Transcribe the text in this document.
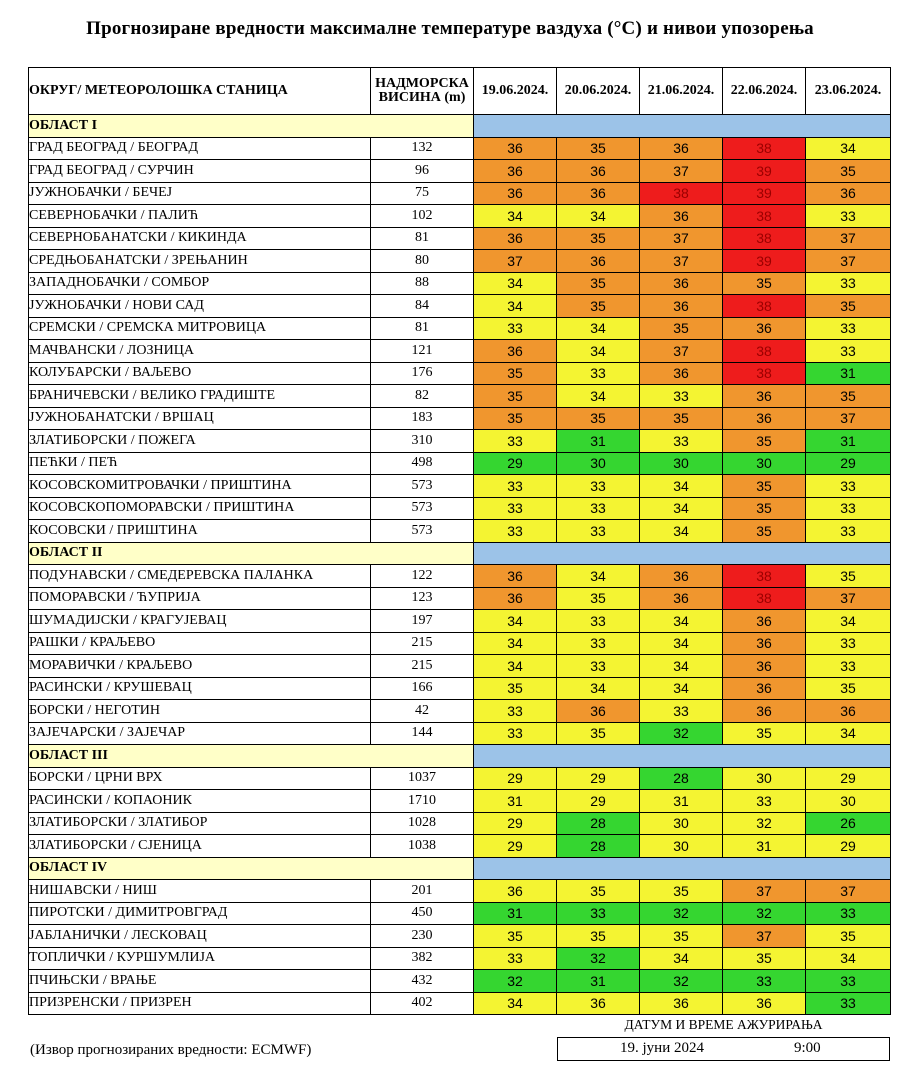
Прогнозиране вредности максималне температуре ваздуха (°C) и нивои упозорења
ОКРУГ/ МЕТЕОРОЛОШКА СТАНИЦА	НАДМОРСКА
ВИСИНА (m)	19.06.2024.	20.06.2024.	21.06.2024.	22.06.2024.	23.06.2024.
ОБЛАСТ I						
ГРАД БЕОГРАД / БЕОГРАД	132	36	35	36	38	34
ГРАД БЕОГРАД / СУРЧИН	96	36	36	37	39	35
ЈУЖНОБАЧКИ / БЕЧЕЈ	75	36	36	38	39	36
СЕВЕРНОБАЧКИ / ПАЛИЋ	102	34	34	36	38	33
СЕВЕРНОБАНАТСКИ / КИКИНДА	81	36	35	37	38	37
СРЕДЊОБАНАТСКИ / ЗРЕЊАНИН	80	37	36	37	39	37
ЗАПАДНОБАЧКИ / СОМБОР	88	34	35	36	35	33
ЈУЖНОБАЧКИ / НОВИ САД	84	34	35	36	38	35
СРЕМСКИ / СРЕМСКА МИТРОВИЦА	81	33	34	35	36	33
МАЧВАНСКИ / ЛОЗНИЦА	121	36	34	37	38	33
КОЛУБАРСКИ / ВАЉЕВО	176	35	33	36	38	31
БРАНИЧЕВСКИ / ВЕЛИКО ГРАДИШТЕ	82	35	34	33	36	35
ЈУЖНОБАНАТСКИ / ВРШАЦ	183	35	35	35	36	37
ЗЛАТИБОРСКИ / ПОЖЕГА	310	33	31	33	35	31
ПЕЋКИ / ПЕЋ	498	29	30	30	30	29
КОСОВСКОМИТРОВАЧКИ / ПРИШТИНА	573	33	33	34	35	33
КОСОВСКОПОМОРАВСКИ / ПРИШТИНА	573	33	33	34	35	33
КОСОВСКИ / ПРИШТИНА	573	33	33	34	35	33
ОБЛАСТ II						
ПОДУНАВСКИ / СМЕДЕРЕВСКА ПАЛАНКА	122	36	34	36	38	35
ПОМОРАВСКИ / ЋУПРИЈА	123	36	35	36	38	37
ШУМАДИЈСКИ / КРАГУЈЕВАЦ	197	34	33	34	36	34
РАШКИ / КРАЉЕВО	215	34	33	34	36	33
МОРАВИЧКИ / КРАЉЕВО	215	34	33	34	36	33
РАСИНСКИ / КРУШЕВАЦ	166	35	34	34	36	35
БОРСКИ / НЕГОТИН	42	33	36	33	36	36
ЗАЈЕЧАРСКИ / ЗАЈЕЧАР	144	33	35	32	35	34
ОБЛАСТ III						
БОРСКИ / ЦРНИ ВРХ	1037	29	29	28	30	29
РАСИНСКИ / КОПАОНИК	1710	31	29	31	33	30
ЗЛАТИБОРСКИ / ЗЛАТИБОР	1028	29	28	30	32	26
ЗЛАТИБОРСКИ / СЈЕНИЦА	1038	29	28	30	31	29
ОБЛАСТ IV						
НИШАВСКИ / НИШ	201	36	35	35	37	37
ПИРОТСКИ / ДИМИТРОВГРАД	450	31	33	32	32	33
ЈАБЛАНИЧКИ / ЛЕСКОВАЦ	230	35	35	35	37	35
ТОПЛИЧКИ / КУРШУМЛИЈА	382	33	32	34	35	34
ПЧИЊСКИ / ВРАЊЕ	432	32	31	32	33	33
ПРИЗРЕНСКИ / ПРИЗРЕН	402	34	36	36	36	33
ДАТУМ И ВРЕМЕ АЖУРИРАЊА
19. јуни 2024	9:00
(Извор прогнозираних вредности: ECMWF)
